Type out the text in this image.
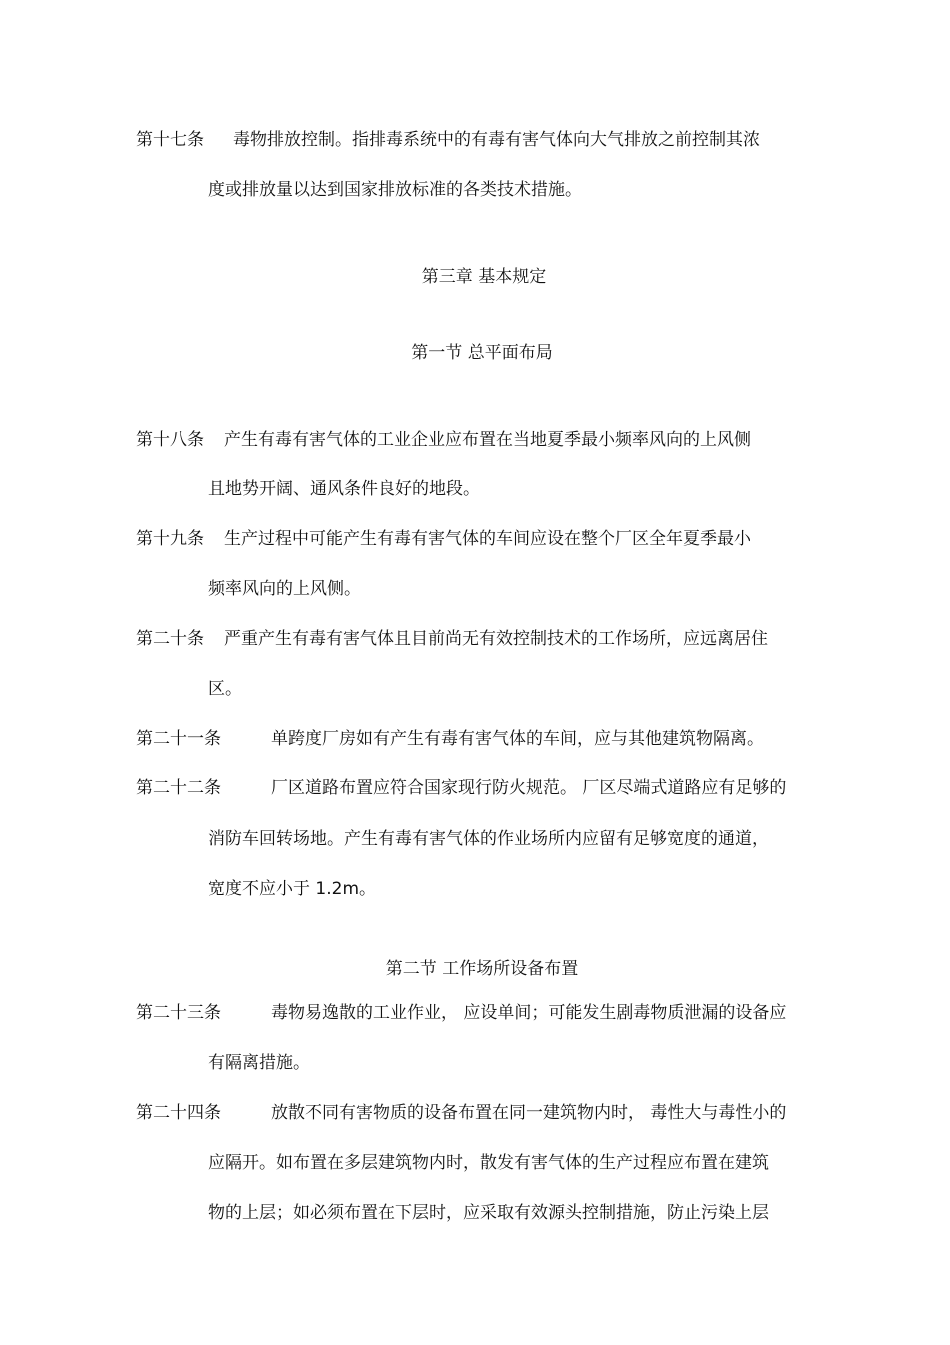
第十七条 毒物排放控制。指排毒系统中的有毒有害气体向大气排放之前控制其浓
度或排放量以达到国家排放标准的各类技术措施。
第三章 基本规定
第一节 总平面布局
第十八条 产生有毒有害气体的工业企业应布置在当地夏季最小频率风向的上风侧
且地势开阔、通风条件良好的地段。
第十九条 生产过程中可能产生有毒有害气体的车间应设在整个厂区全年夏季最小
频率风向的上风侧。
第二十条 严重产生有毒有害气体且目前尚无有效控制技术的工作场所，应远离居住
区。
第二十一条	单跨度厂房如有产生有毒有害气体的车间，应与其他建筑物隔离。
第二十二条	厂区道路布置应符合国家现行防火规范。 厂区尽端式道路应有足够的
消防车回转场地。产生有毒有害气体的作业场所内应留有足够宽度的通道，
宽度不应小于 1.2m。
第二节 工作场所设备布置
第二十三条	毒物易逸散的工业作业， 应设单间；可能发生剧毒物质泄漏的设备应
有隔离措施。
第二十四条	放散不同有害物质的设备布置在同一建筑物内时， 毒性大与毒性小的
应隔开。如布置在多层建筑物内时，散发有害气体的生产过程应布置在建筑
物的上层；如必须布置在下层时，应采取有效源头控制措施，防止污染上层
